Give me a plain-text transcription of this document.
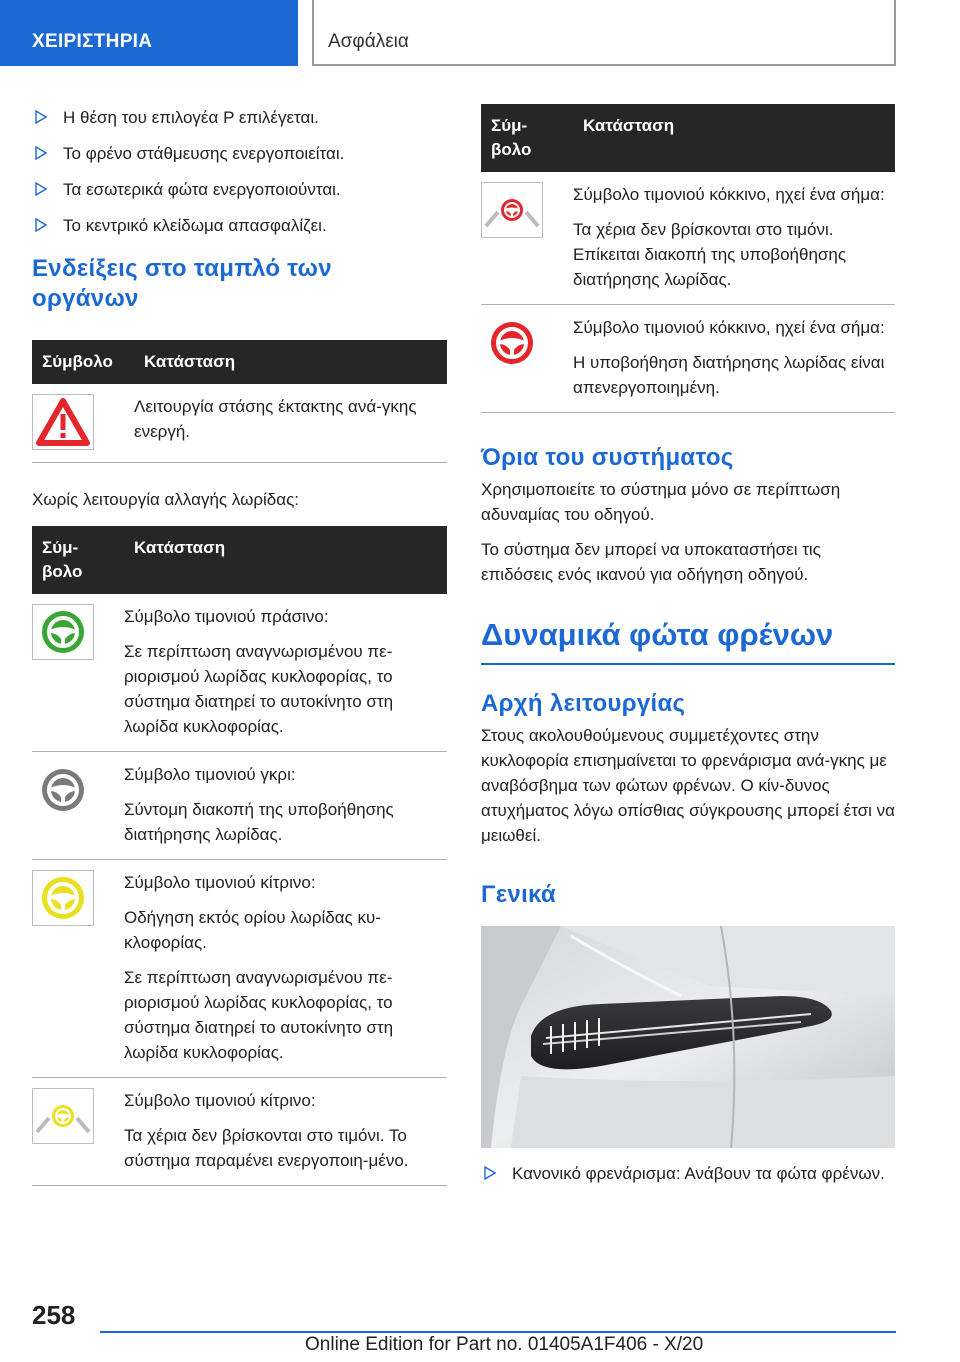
ΧΕΙΡΙΣΤΗΡΙΑ	Ασφάλεια
Η θέση του επιλογέα P επιλέγεται.
Το φρένο στάθμευσης ενεργοποιείται.
Τα εσωτερικά φώτα ενεργοποιούνται.
Το κεντρικό κλείδωμα απασφαλίζει.
Ενδείξεις στο ταμπλό των οργάνων
Σύμβολο	Κατάσταση

Λειτουργία στάσης έκτακτης ανά-γκης ενεργή.

Χωρίς λειτουργία αλλαγής λωρίδας:
Σύμ-βολο	Κατάσταση

Σύμβολο τιμονιού πράσινο:

Σε περίπτωση αναγνωρισμένου πε-ριορισμού λωρίδας κυκλοφορίας, το σύστημα διατηρεί το αυτοκίνητο στη λωρίδα κυκλοφορίας.

Σύμβολο τιμονιού γκρι:

Σύντομη διακοπή της υποβοήθησης διατήρησης λωρίδας.

Σύμβολο τιμονιού κίτρινο:

Οδήγηση εκτός ορίου λωρίδας κυ-κλοφορίας.

Σε περίπτωση αναγνωρισμένου πε-ριορισμού λωρίδας κυκλοφορίας, το σύστημα διατηρεί το αυτοκίνητο στη λωρίδα κυκλοφορίας.

Σύμβολο τιμονιού κίτρινο:

Τα χέρια δεν βρίσκονται στο τιμόνι. Το σύστημα παραμένει ενεργοποιη-μένο.

Σύμ-βολο	Κατάσταση

Σύμβολο τιμονιού κόκκινο, ηχεί ένα σήμα:

Τα χέρια δεν βρίσκονται στο τιμόνι. Επίκειται διακοπή της υποβοήθησης διατήρησης λωρίδας.

Σύμβολο τιμονιού κόκκινο, ηχεί ένα σήμα:

Η υποβοήθηση διατήρησης λωρίδας είναι απενεργοποιημένη.

Όρια του συστήματος

Χρησιμοποιείτε το σύστημα μόνο σε περίπτωση αδυναμίας του οδηγού.

Το σύστημα δεν μπορεί να υποκαταστήσει τις επιδόσεις ενός ικανού για οδήγηση οδηγού.

Δυναμικά φώτα φρένων
Αρχή λειτουργίας

Στους ακολουθούμενους συμμετέχοντες στην κυκλοφορία επισημαίνεται το φρενάρισμα ανά-γκης με αναβόσβημα των φώτων φρένων. Ο κίν-δυνος ατυχήματος λόγω οπίσθιας σύγκρουσης μπορεί έτσι να μειωθεί.

Γενικά
Κανονικό φρενάρισμα: Ανάβουν τα φώτα φρένων.
258
Online Edition for Part no. 01405A1F406 - X/20
